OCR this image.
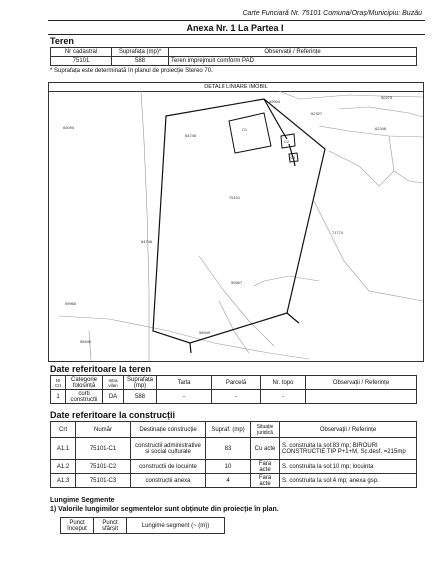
Carte Funciară Nr. 75101 Comuna/Oraș/Municipiu: Buzău
Anexa Nr. 1 La Partea I
Teren
Nr cadastral	Suprafața (mp)*	Observații / Referințe
75101	588	Teren imprejmuit comform PAD
* Suprafața este determinată în planul de proiecție Stereo 70.
DETALII LINIARE IMOBIL
65094
49904
50273
62327
62346
64746
64746
75101
71774
59967
59965
58949
58949
C1
C2
C3
Date referitoare la teren
Nr Crt	Categorie folosință	Intra vilan	Suprafața (mp)	Tarla	Parcelă	Nr. topo	Observații / Referințe
1	curti constructii	DA	588	-	-	-	
Date referitoare la construcții
Crt	Număr	Destinație construcție	Supraf. (mp)	Situație juridică	Observații / Referințe
A1.1	75101-C1	constructii administrative si social culturale	83	Cu acte	S. construita la sol:83 mp; BIROURI CONSTRUCTIE TIP P+1+M, Sc.desf. =215mp
A1.2	75101-C2	constructii de locuinte	10	Fara acte	S. construita la sol:10 mp; locuinta
A1.3	75101-C3	constructii anexa	4	Fara acte	S. construita la sol:4 mp; anexa gsp.
Lungime Segmente
1) Valorile lungimilor segmentelor sunt obținute din proiecție în plan.
Punct început	Punct sfârșit	Lungime segment (~ (m))
